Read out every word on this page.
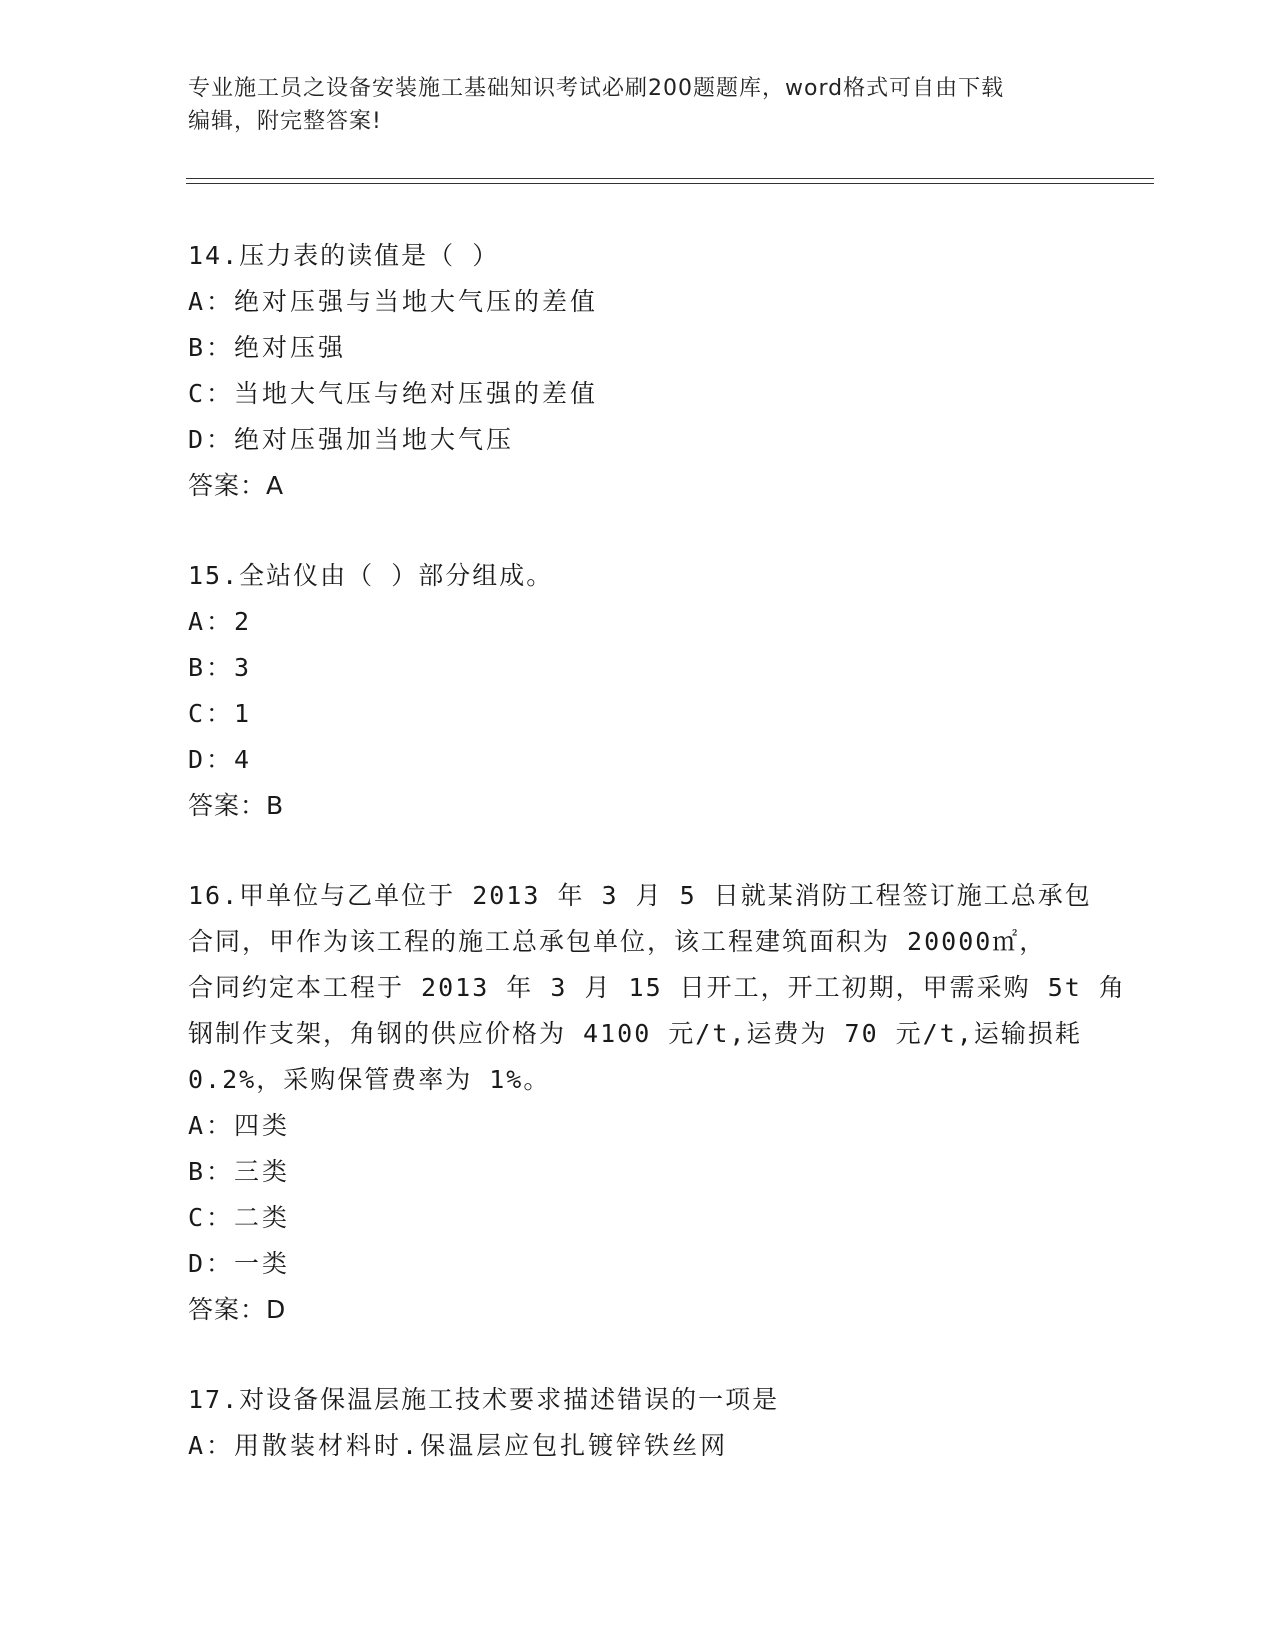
专业施工员之设备安装施工基础知识考试必刷200题题库，word格式可自由下载
编辑，附完整答案!
14.压力表的读值是（ ）
A：绝对压强与当地大气压的差值
B：绝对压强
C：当地大气压与绝对压强的差值
D：绝对压强加当地大气压
答案：A
15.全站仪由（ ）部分组成。
A：2
B：3
C：1
D：4
答案：B
16.甲单位与乙单位于 2013 年 3 月 5 日就某消防工程签订施工总承包
合同，甲作为该工程的施工总承包单位，该工程建筑面积为 20000㎡，
合同约定本工程于 2013 年 3 月 15 日开工，开工初期，甲需采购 5t 角
钢制作支架，角钢的供应价格为 4100 元/t,运费为 70 元/t,运输损耗
0.2%，采购保管费率为 1%。
A：四类
B：三类
C：二类
D：一类
答案：D
17.对设备保温层施工技术要求描述错误的一项是
A：用散装材料时.保温层应包扎镀锌铁丝网
